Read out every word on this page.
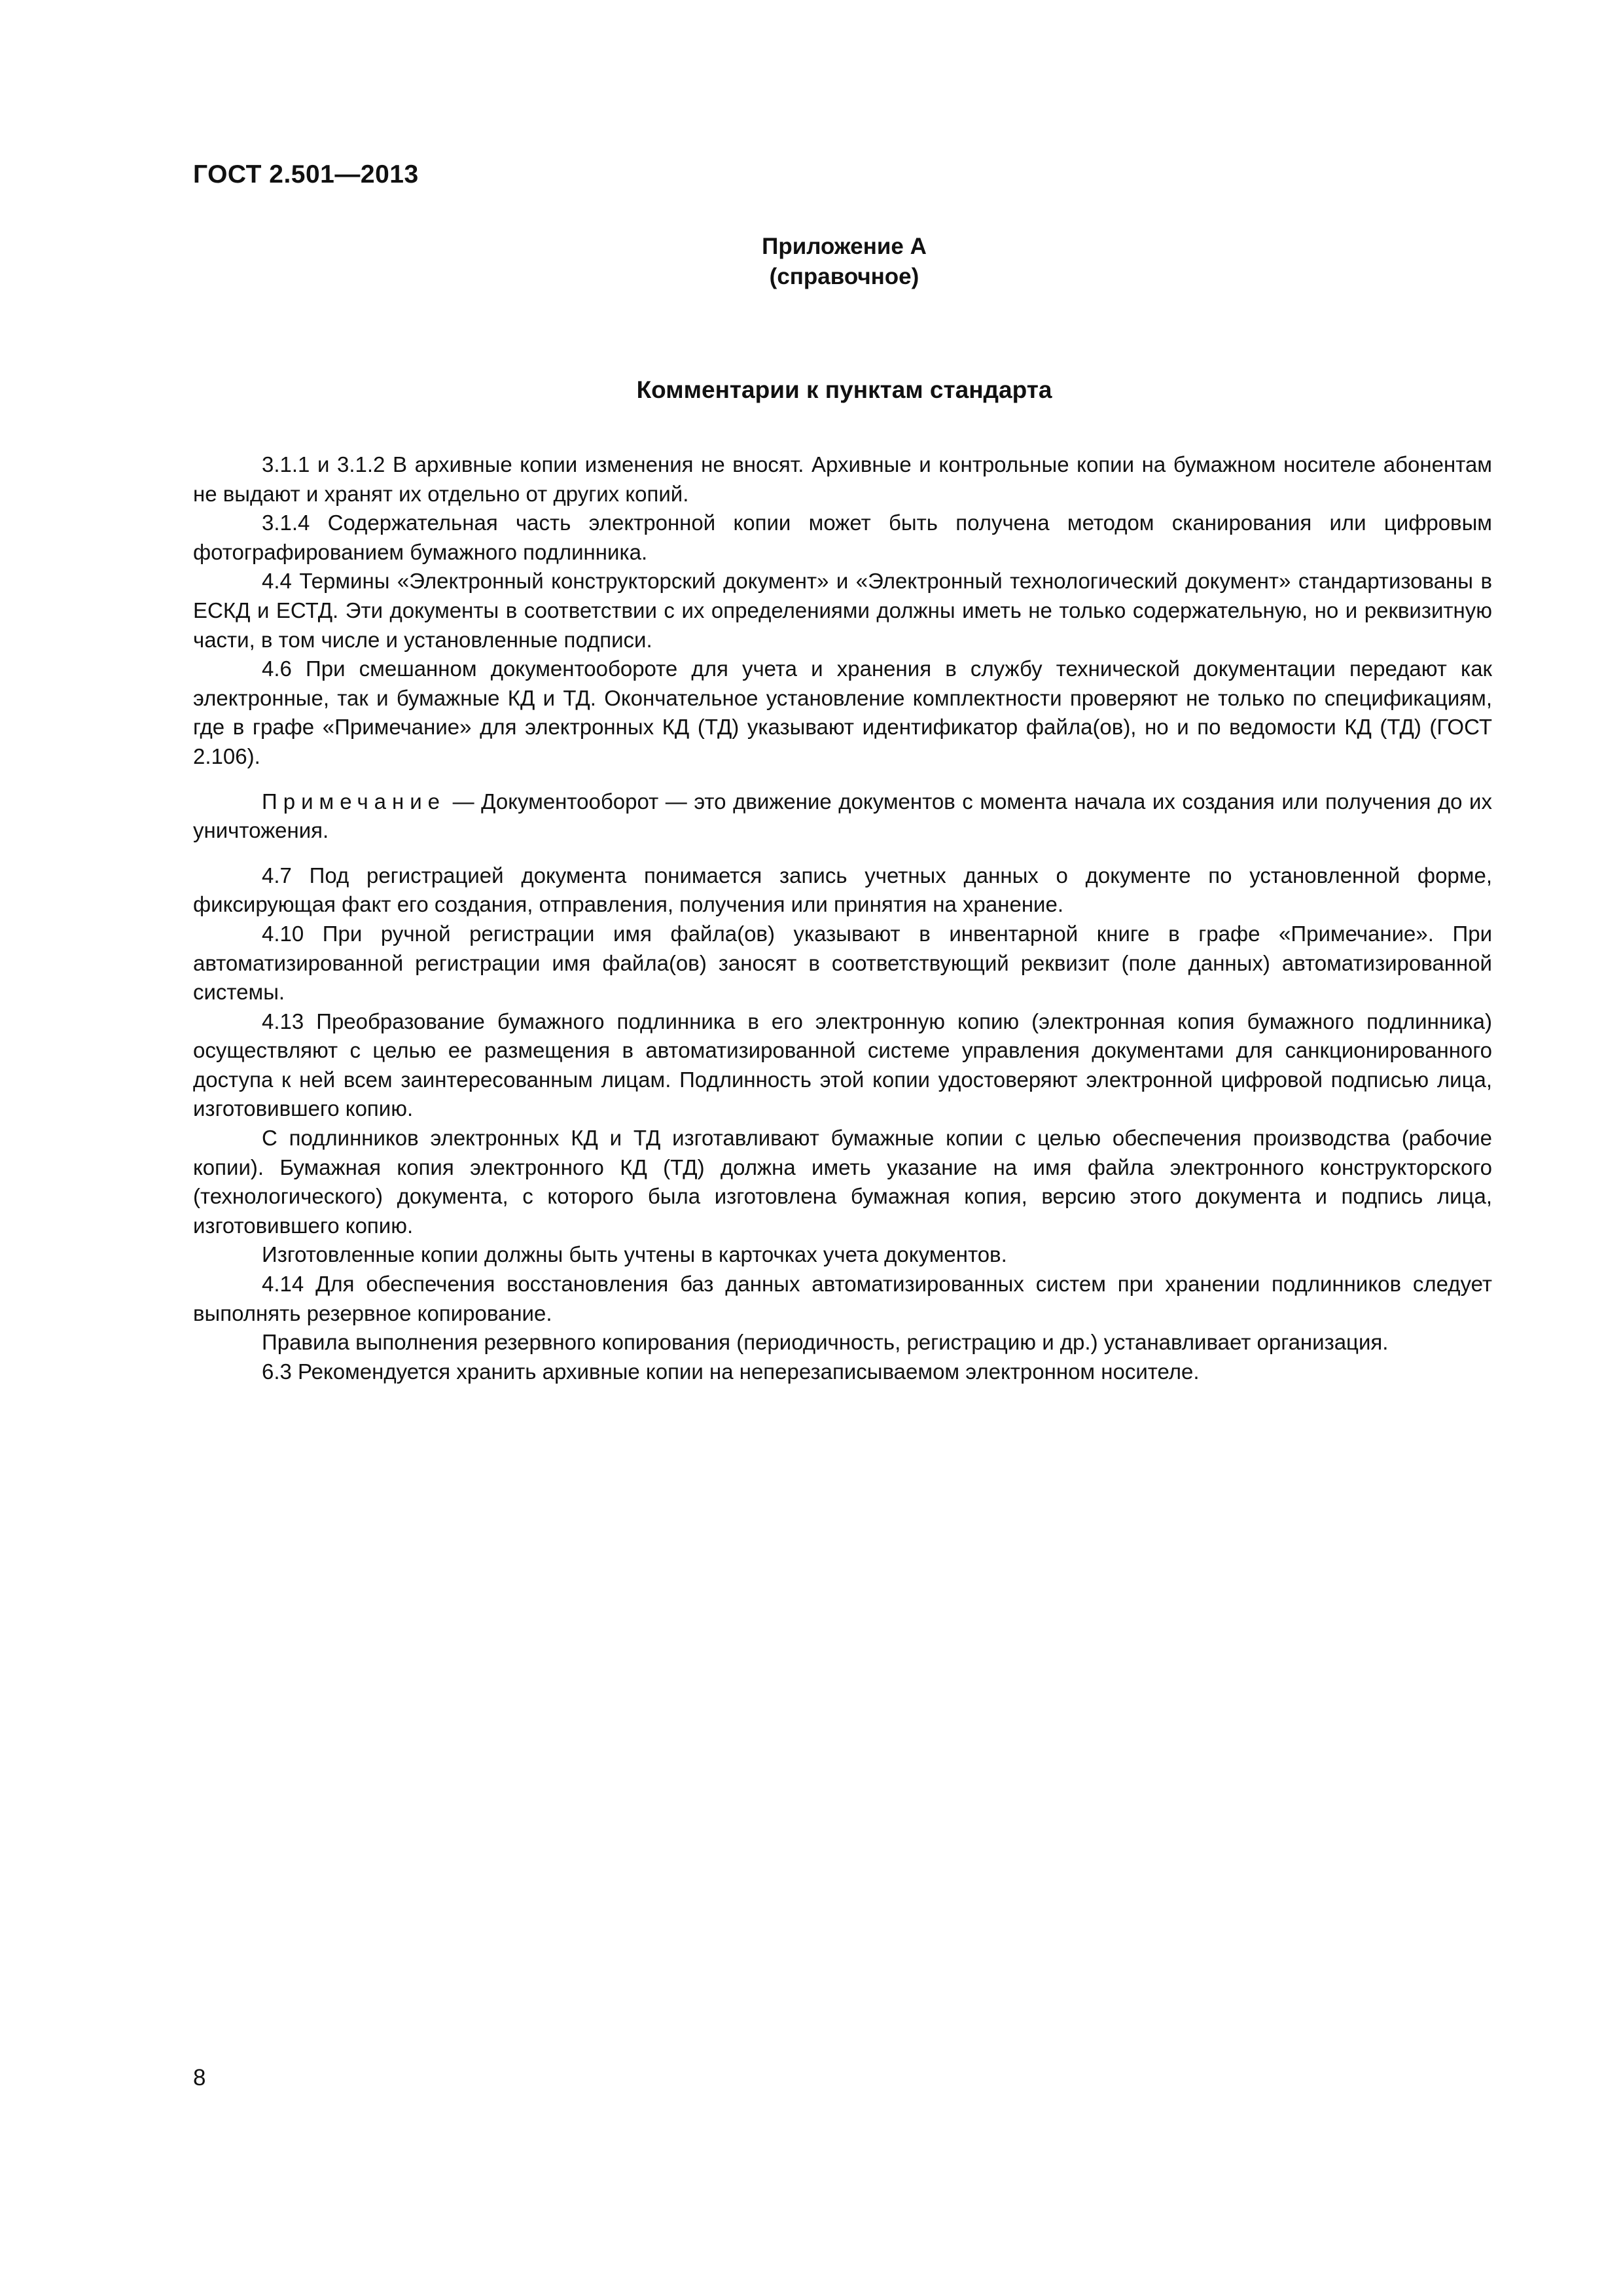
ГОСТ 2.501—2013
Приложение А
(справочное)
Комментарии к пунктам стандарта

3.1.1 и 3.1.2 В архивные копии изменения не вносят. Архивные и контрольные копии на бумажном носителе абонентам не выдают и хранят их отдельно от других копий.

3.1.4 Содержательная часть электронной копии может быть получена методом сканирования или цифровым фотографированием бумажного подлинника.

4.4 Термины «Электронный конструкторский документ» и «Электронный технологический документ» стандартизованы в ЕСКД и ЕСТД. Эти документы в соответствии с их определениями должны иметь не только содержательную, но и реквизитную части, в том числе и установленные подписи.

4.6 При смешанном документообороте для учета и хранения в службу технической документации передают как электронные, так и бумажные КД и ТД. Окончательное установление комплектности проверяют не только по спецификациям, где в графе «Примечание» для электронных КД (ТД) указывают идентификатор файла(ов), но и по ведомости КД (ТД) (ГОСТ 2.106).

Примечание — Документооборот — это движение документов с момента начала их создания или получения до их уничтожения.

4.7 Под регистрацией документа понимается запись учетных данных о документе по установленной форме, фиксирующая факт его создания, отправления, получения или принятия на хранение.

4.10 При ручной регистрации имя файла(ов) указывают в инвентарной книге в графе «Примечание». При автоматизированной регистрации имя файла(ов) заносят в соответствующий реквизит (поле данных) автоматизированной системы.

4.13 Преобразование бумажного подлинника в его электронную копию (электронная копия бумажного подлинника) осуществляют с целью ее размещения в автоматизированной системе управления документами для санкционированного доступа к ней всем заинтересованным лицам. Подлинность этой копии удостоверяют электронной цифровой подписью лица, изготовившего копию.

С подлинников электронных КД и ТД изготавливают бумажные копии с целью обеспечения производства (рабочие копии). Бумажная копия электронного КД (ТД) должна иметь указание на имя файла электронного конструкторского (технологического) документа, с которого была изготовлена бумажная копия, версию этого документа и подпись лица, изготовившего копию.

Изготовленные копии должны быть учтены в карточках учета документов.

4.14 Для обеспечения восстановления баз данных автоматизированных систем при хранении подлинников следует выполнять резервное копирование.

Правила выполнения резервного копирования (периодичность, регистрацию и др.) устанавливает организация.

6.3 Рекомендуется хранить архивные копии на неперезаписываемом электронном носителе.

8
